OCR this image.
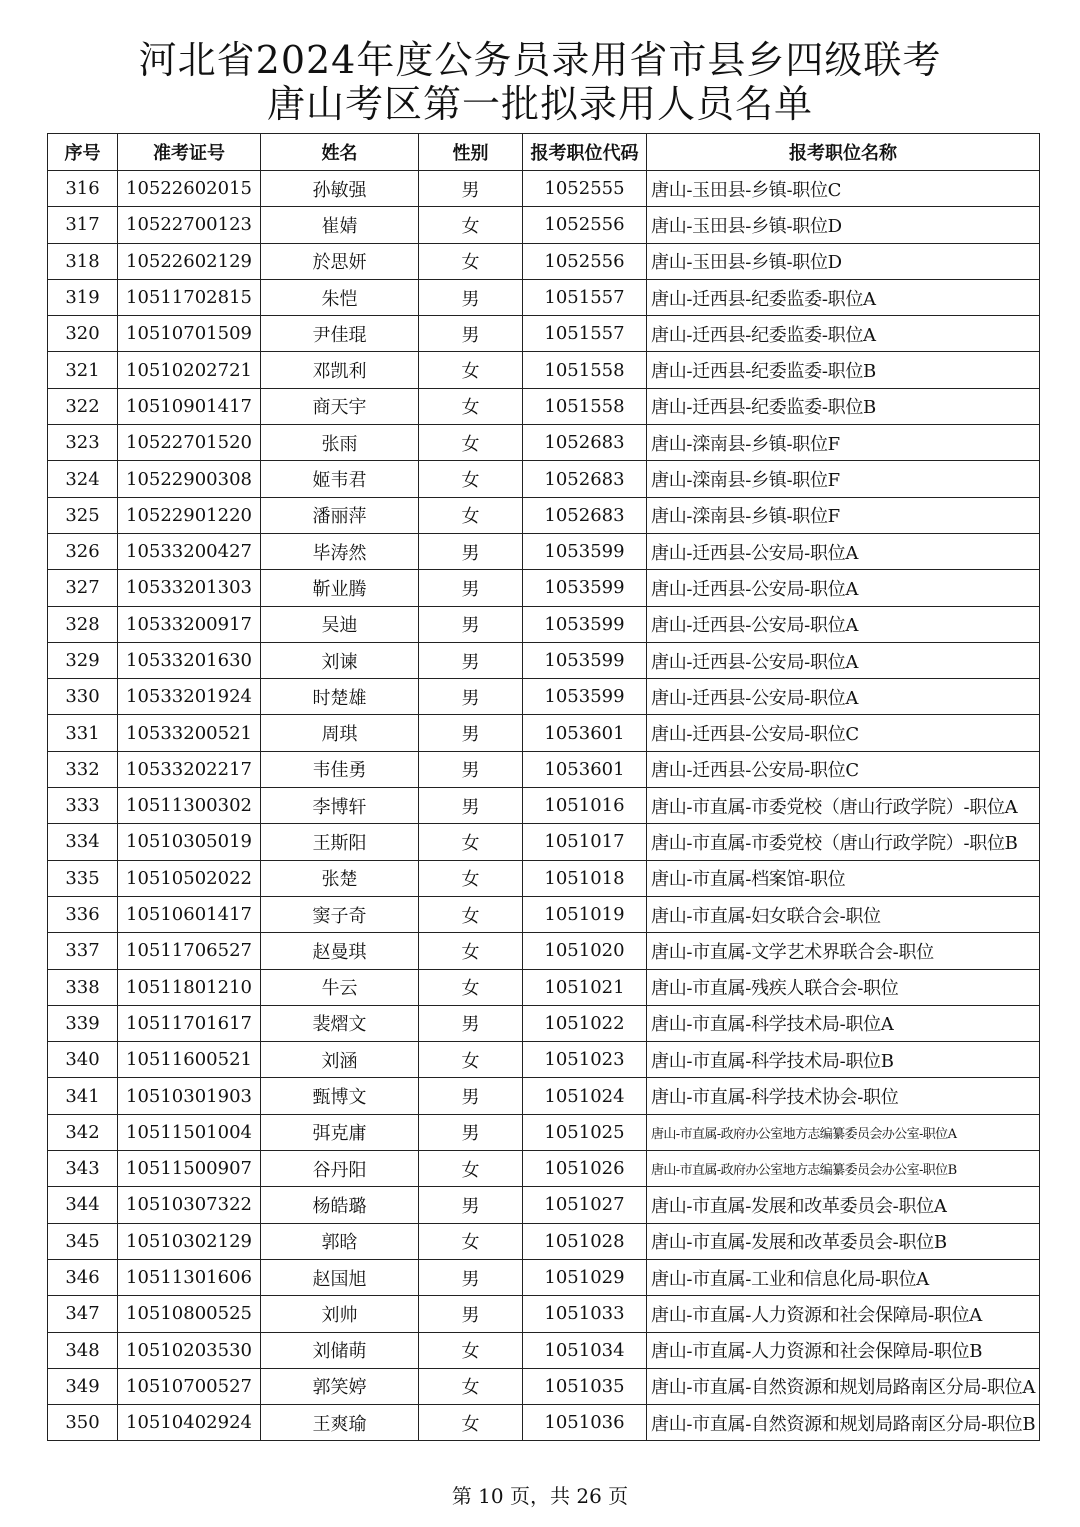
河北省2024年度公务员录用省市县乡四级联考
唐山考区第一批拟录用人员名单
序号	准考证号	姓名	性别	报考职位代码	报考职位名称
316	10522602015	孙敏强	男	1052555	唐山-玉田县-乡镇-职位C
317	10522700123	崔婧	女	1052556	唐山-玉田县-乡镇-职位D
318	10522602129	於思妍	女	1052556	唐山-玉田县-乡镇-职位D
319	10511702815	朱恺	男	1051557	唐山-迁西县-纪委监委-职位A
320	10510701509	尹佳琨	男	1051557	唐山-迁西县-纪委监委-职位A
321	10510202721	邓凯利	女	1051558	唐山-迁西县-纪委监委-职位B
322	10510901417	商天宇	女	1051558	唐山-迁西县-纪委监委-职位B
323	10522701520	张雨	女	1052683	唐山-滦南县-乡镇-职位F
324	10522900308	姬韦君	女	1052683	唐山-滦南县-乡镇-职位F
325	10522901220	潘丽萍	女	1052683	唐山-滦南县-乡镇-职位F
326	10533200427	毕涛然	男	1053599	唐山-迁西县-公安局-职位A
327	10533201303	靳业腾	男	1053599	唐山-迁西县-公安局-职位A
328	10533200917	吴迪	男	1053599	唐山-迁西县-公安局-职位A
329	10533201630	刘谏	男	1053599	唐山-迁西县-公安局-职位A
330	10533201924	时楚雄	男	1053599	唐山-迁西县-公安局-职位A
331	10533200521	周琪	男	1053601	唐山-迁西县-公安局-职位C
332	10533202217	韦佳勇	男	1053601	唐山-迁西县-公安局-职位C
333	10511300302	李博轩	男	1051016	唐山-市直属-市委党校（唐山行政学院）-职位A
334	10510305019	王斯阳	女	1051017	唐山-市直属-市委党校（唐山行政学院）-职位B
335	10510502022	张楚	女	1051018	唐山-市直属-档案馆-职位
336	10510601417	窦子奇	女	1051019	唐山-市直属-妇女联合会-职位
337	10511706527	赵曼琪	女	1051020	唐山-市直属-文学艺术界联合会-职位
338	10511801210	牛云	女	1051021	唐山-市直属-残疾人联合会-职位
339	10511701617	裴熠文	男	1051022	唐山-市直属-科学技术局-职位A
340	10511600521	刘涵	女	1051023	唐山-市直属-科学技术局-职位B
341	10510301903	甄博文	男	1051024	唐山-市直属-科学技术协会-职位
342	10511501004	弭克庸	男	1051025	唐山-市直属-政府办公室地方志编纂委员会办公室-职位A
343	10511500907	谷丹阳	女	1051026	唐山-市直属-政府办公室地方志编纂委员会办公室-职位B
344	10510307322	杨皓璐	男	1051027	唐山-市直属-发展和改革委员会-职位A
345	10510302129	郭晗	女	1051028	唐山-市直属-发展和改革委员会-职位B
346	10511301606	赵国旭	男	1051029	唐山-市直属-工业和信息化局-职位A
347	10510800525	刘帅	男	1051033	唐山-市直属-人力资源和社会保障局-职位A
348	10510203530	刘储萌	女	1051034	唐山-市直属-人力资源和社会保障局-职位B
349	10510700527	郭笑婷	女	1051035	唐山-市直属-自然资源和规划局路南区分局-职位A
350	10510402924	王爽瑜	女	1051036	唐山-市直属-自然资源和规划局路南区分局-职位B
第 10 页，共 26 页
